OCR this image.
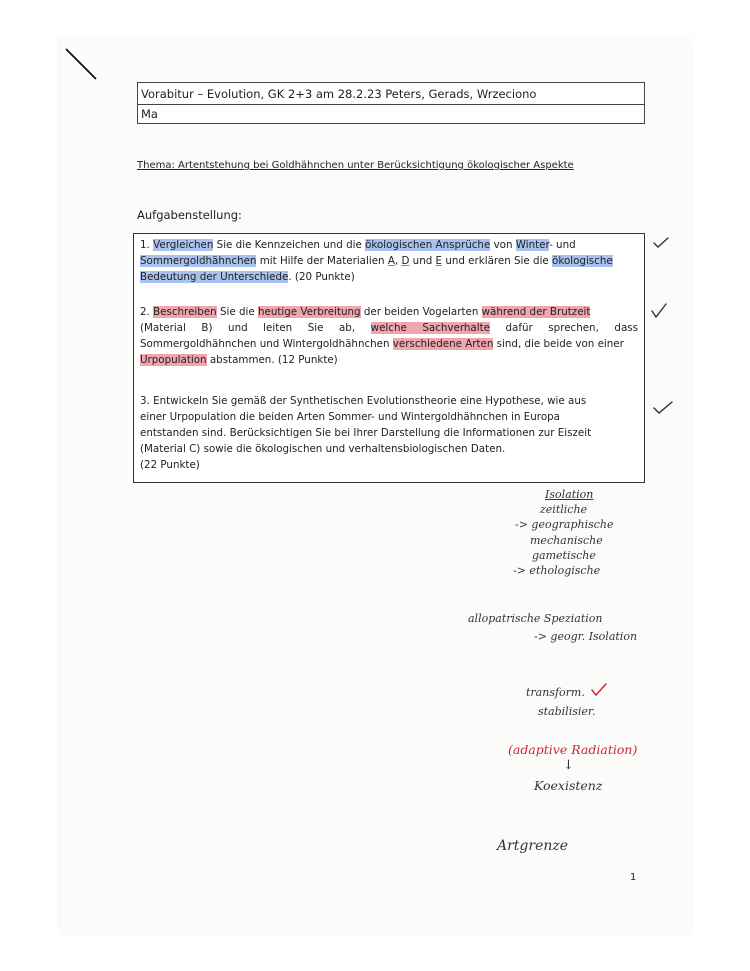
Vorabitur – Evolution, GK 2+3 am 28.2.23 Peters, Gerads, Wrzeciono
Ma
Thema: Artentstehung bei Goldhähnchen unter Berücksichtigung ökologischer Aspekte
Aufgabenstellung:
1. Vergleichen Sie die Kennzeichen und die ökologischen Ansprüche von Winter- und
Sommergoldhähnchen mit Hilfe der Materialien A, D und E und erklären Sie die ökologische
Bedeutung der Unterschiede. (20 Punkte)
2. Beschreiben Sie die heutige Verbreitung der beiden Vogelarten während der Brutzeit
(Material B) und leiten Sie ab, welche Sachverhalte dafür sprechen, dass
Sommergoldhähnchen und Wintergoldhähnchen verschiedene Arten sind, die beide von einer
Urpopulation abstammen. (12 Punkte)
3. Entwickeln Sie gemäß der Synthetischen Evolutionstheorie eine Hypothese, wie aus
einer Urpopulation die beiden Arten Sommer- und Wintergoldhähnchen in Europa
entstanden sind. Berücksichtigen Sie bei Ihrer Darstellung die Informationen zur Eiszeit
(Material C) sowie die ökologischen und verhaltensbiologischen Daten.
(22 Punkte)
Isolation
zeitliche
-> geographische
mechanische
gametische
-> ethologische
allopatrische Speziation
-> geogr. Isolation
transform.
stabilisier.
(adaptive Radiation)
↓
Koexistenz
Artgrenze
1
